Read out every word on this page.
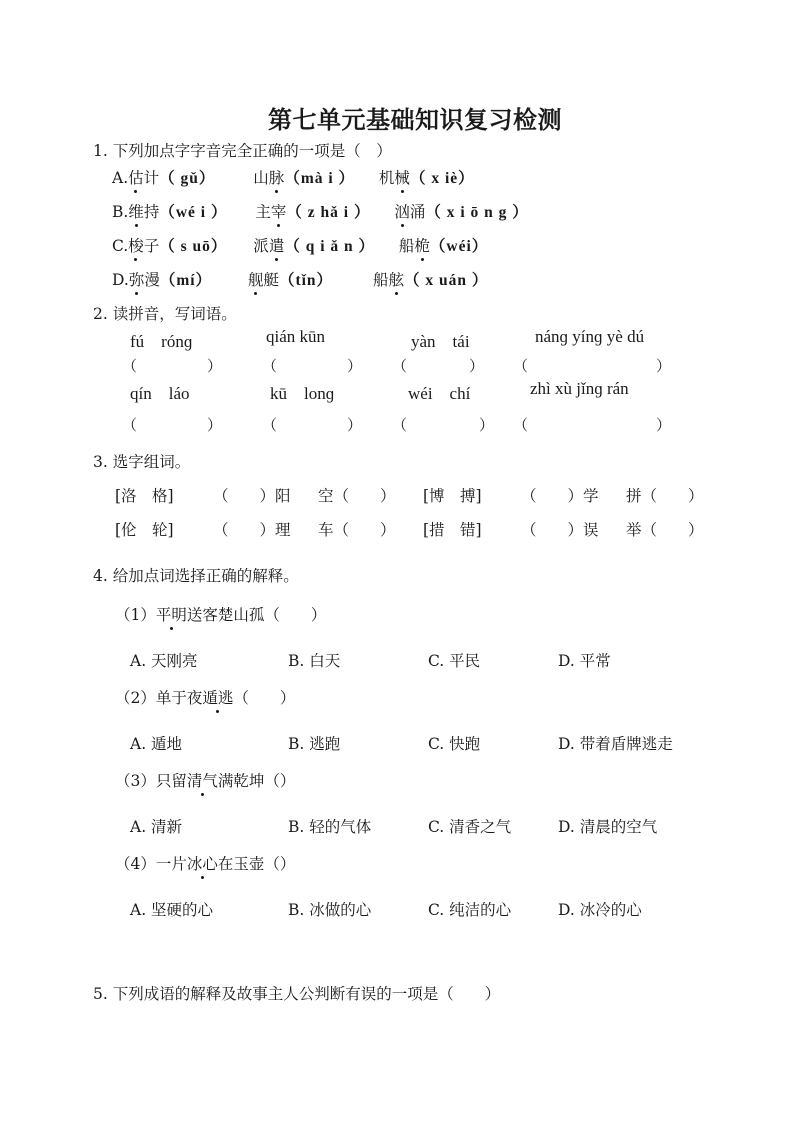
第七单元基础知识复习检测
1. 下列加点字字音完全正确的一项是（　）
A.估计（ gǔ） 山脉（mà i ） 机械（ x iè）
B.维持（wé i ） 主宰（ z hǎ i ） 汹涌（ x i ō n g ）
C.梭子（ s uō） 派遣（ q i ǎ n ） 船桅（wéi）
D.弥漫（mí） 舰艇（tǐn）	船舷（ x uán ）
2. 读拼音，写词语。
fú　rónɡ	qián kūn	yàn　tái	nánɡ yínɡ yè dú
（	）	（	） （	） （	）
qín　láo	kū　lonɡ	wéi　chí	zhì xù jǐnɡ rán
（	）	（	） （	） （	）
3. 选字组词。
[洛　格]	（　　）阳 空（　　） [博　搏]	（　　）学 拼（　　）
[伦　轮]	（　　）理 车（　　） [措　错]	（　　）误 举（　　）
4. 给加点词选择正确的解释。
（1）平明送客楚山孤（　　）
A. 天刚亮	B. 白天	C. 平民	D. 平常
（2）单于夜遁逃（　　）
A. 遁地	B. 逃跑	C. 快跑	D. 带着盾牌逃走
（3）只留清气满乾坤（）
A. 清新	B. 轻的气体	C. 清香之气	D. 清晨的空气
（4）一片冰心在玉壶（）
A. 坚硬的心	B. 冰做的心	C. 纯洁的心	D. 冰冷的心
5. 下列成语的解释及故事主人公判断有误的一项是（　　）
